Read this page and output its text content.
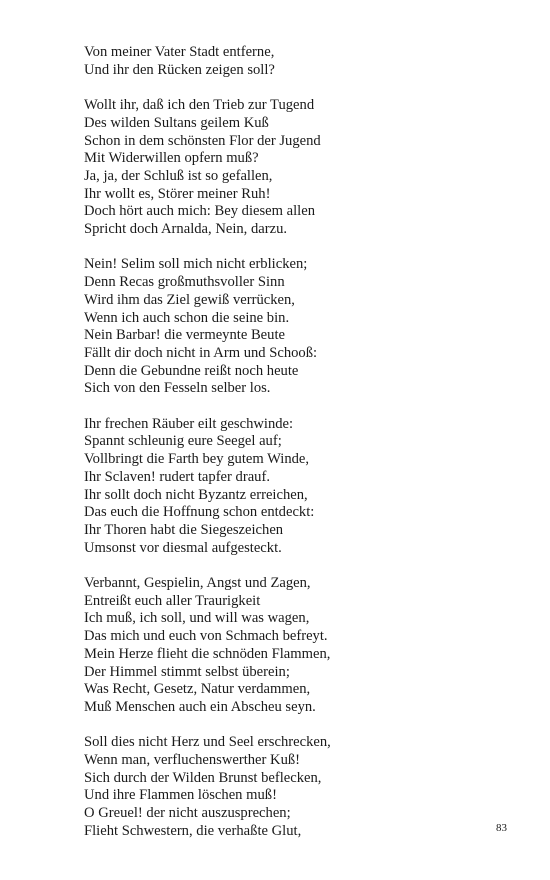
Von meiner Vater Stadt entferne,
Und ihr den Rücken zeigen soll?
Wollt ihr, daß ich den Trieb zur Tugend
Des wilden Sultans geilem Kuß
Schon in dem schönsten Flor der Jugend
Mit Widerwillen opfern muß?
Ja, ja, der Schluß ist so gefallen,
Ihr wollt es, Störer meiner Ruh!
Doch hört auch mich: Bey diesem allen
Spricht doch Arnalda, Nein, darzu.
Nein! Selim soll mich nicht erblicken;
Denn Recas großmuthsvoller Sinn
Wird ihm das Ziel gewiß verrücken,
Wenn ich auch schon die seine bin.
Nein Barbar! die vermeynte Beute
Fällt dir doch nicht in Arm und Schooß:
Denn die Gebundne reißt noch heute
Sich von den Fesseln selber los.
Ihr frechen Räuber eilt geschwinde:
Spannt schleunig eure Seegel auf;
Vollbringt die Farth bey gutem Winde,
Ihr Sclaven! rudert tapfer drauf.
Ihr sollt doch nicht Byzantz erreichen,
Das euch die Hoffnung schon entdeckt:
Ihr Thoren habt die Siegeszeichen
Umsonst vor diesmal aufgesteckt.
Verbannt, Gespielin, Angst und Zagen,
Entreißt euch aller Traurigkeit
Ich muß, ich soll, und will was wagen,
Das mich und euch von Schmach befreyt.
Mein Herze flieht die schnöden Flammen,
Der Himmel stimmt selbst überein;
Was Recht, Gesetz, Natur verdammen,
Muß Menschen auch ein Abscheu seyn.
Soll dies nicht Herz und Seel erschrecken,
Wenn man, verfluchenswerther Kuß!
Sich durch der Wilden Brunst beflecken,
Und ihre Flammen löschen muß!
O Greuel! der nicht auszusprechen;
Flieht Schwestern, die verhaßte Glut,	83
